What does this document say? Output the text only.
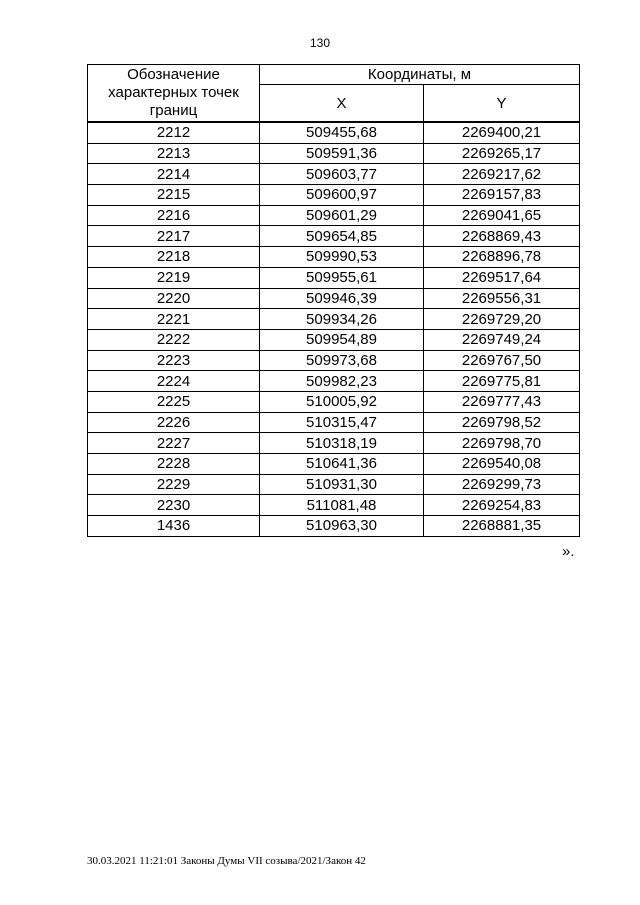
130
Обозначение характерных точек границ	Координаты, м	
	X	Y
2212	509455,68	2269400,21
2213	509591,36	2269265,17
2214	509603,77	2269217,62
2215	509600,97	2269157,83
2216	509601,29	2269041,65
2217	509654,85	2268869,43
2218	509990,53	2268896,78
2219	509955,61	2269517,64
2220	509946,39	2269556,31
2221	509934,26	2269729,20
2222	509954,89	2269749,24
2223	509973,68	2269767,50
2224	509982,23	2269775,81
2225	510005,92	2269777,43
2226	510315,47	2269798,52
2227	510318,19	2269798,70
2228	510641,36	2269540,08
2229	510931,30	2269299,73
2230	511081,48	2269254,83
1436	510963,30	2268881,35
».
30.03.2021 11:21:01 Законы Думы VII созыва/2021/Закон 42
